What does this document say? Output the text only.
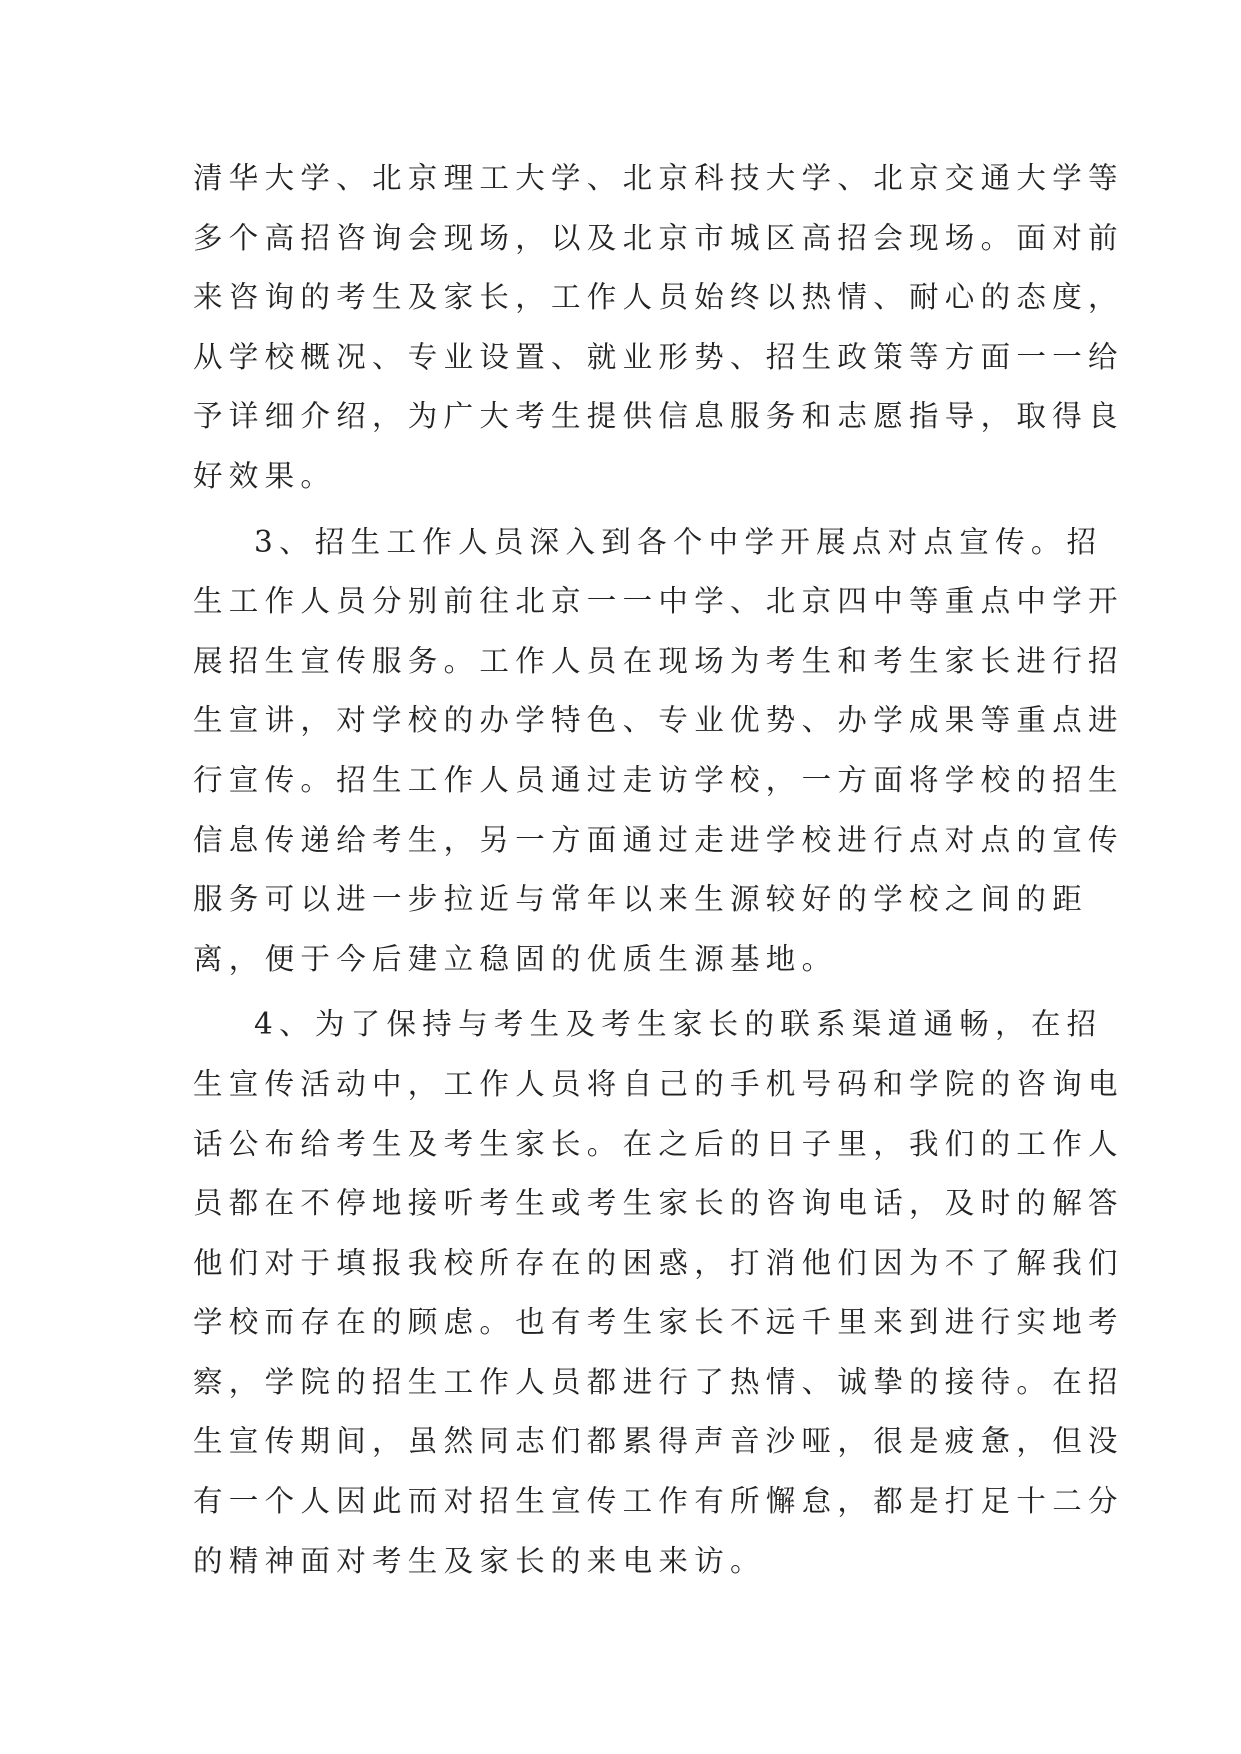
清华大学、北京理工大学、北京科技大学、北京交通大学等
多个高招咨询会现场，以及北京市城区高招会现场。面对前
来咨询的考生及家长，工作人员始终以热情、耐心的态度，
从学校概况、专业设置、就业形势、招生政策等方面一一给
予详细介绍，为广大考生提供信息服务和志愿指导，取得良
好效果。

3、招生工作人员深入到各个中学开展点对点宣传。招
生工作人员分别前往北京一一中学、北京四中等重点中学开
展招生宣传服务。工作人员在现场为考生和考生家长进行招
生宣讲，对学校的办学特色、专业优势、办学成果等重点进
行宣传。招生工作人员通过走访学校，一方面将学校的招生
信息传递给考生，另一方面通过走进学校进行点对点的宣传
服务可以进一步拉近与常年以来生源较好的学校之间的距
离，便于今后建立稳固的优质生源基地。

4、为了保持与考生及考生家长的联系渠道通畅，在招
生宣传活动中，工作人员将自己的手机号码和学院的咨询电
话公布给考生及考生家长。在之后的日子里，我们的工作人
员都在不停地接听考生或考生家长的咨询电话，及时的解答
他们对于填报我校所存在的困惑，打消他们因为不了解我们
学校而存在的顾虑。也有考生家长不远千里来到进行实地考
察，学院的招生工作人员都进行了热情、诚挚的接待。在招
生宣传期间，虽然同志们都累得声音沙哑，很是疲惫，但没
有一个人因此而对招生宣传工作有所懈怠，都是打足十二分
的精神面对考生及家长的来电来访。
